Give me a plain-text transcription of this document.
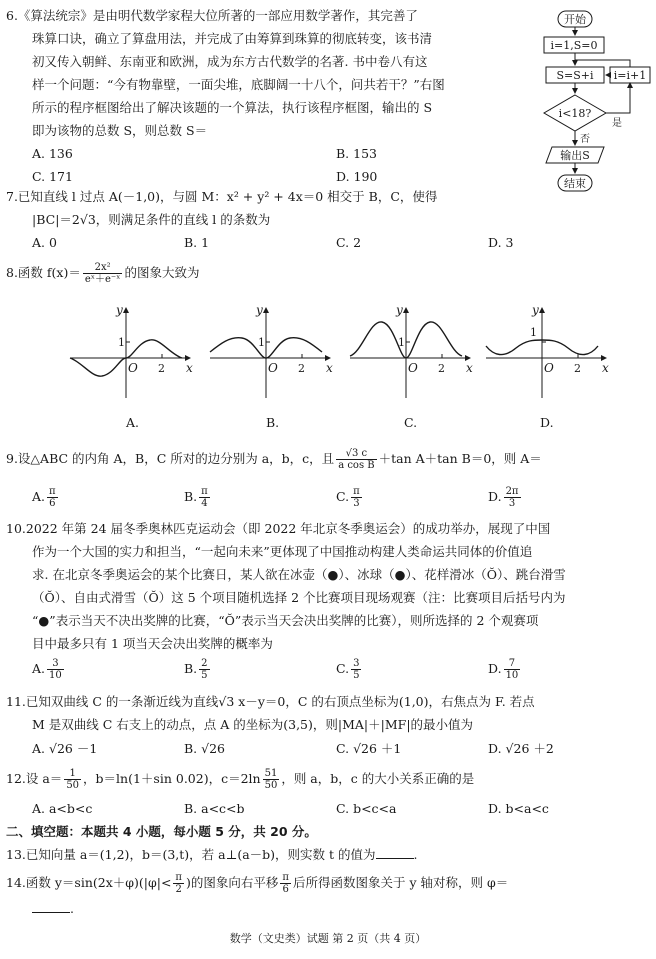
6.《算法统宗》是由明代数学家程大位所著的一部应用数学著作，其完善了
珠算口诀，确立了算盘用法，并完成了由筹算到珠算的彻底转变，该书清
初又传入朝鲜、东南亚和欧洲，成为东方古代数学的名著. 书中卷八有这
样一个问题：“今有物靠壁，一面尖堆，底脚阔一十八个，问共若干？”右图
所示的程序框图给出了解决该题的一个算法，执行该程序框图，输出的 S
即为该物的总数 S，则总数 S＝
A. 136	B. 153
C. 171	D. 190
开始
i=1,S=0
S=S+i i=i+1
i<18?
是
否
输出S
结束
7.已知直线 l 过点 A(－1,0)，与圆 M：x² + y² + 4x＝0 相交于 B，C，使得
|BC|＝2√3，则满足条件的直线 l 的条数为
A. 0	B. 1	C. 2	D. 3
8.函数 $f(x)= \frac{\text{2x²}}{\text{eˣ＋e⁻ˣ}}$ 的图象大致为
y
x
O
1
2
y
x
O
1
2
y
x
O
1
2
y
x
O
1
2
A.	B.	C.	D.
9.设△ABC 的内角 A，B，C 所对的边分别为 a，b，c，且 $\frac{√3 c}{\text{a cos B}} +\tan$ A＋tan B＝0，则 A＝
A. $\frac{\pi}{6}$	B. $\frac{\pi}{4}$	C. $\frac{\pi}{3}$	D. $\frac{2\pi}{3}$
10.2022 年第 24 届冬季奥林匹克运动会（即 2022 年北京冬季奥运会）的成功举办，展现了中国
作为一个大国的实力和担当，“一起向未来”更体现了中国推动构建人类命运共同体的价值追
求. 在北京冬季奥运会的某个比赛日，某人欲在冰壶（●）、冰球（●）、花样滑冰（Ŏ）、跳台滑雪
（Ŏ）、自由式滑雪（Ŏ）这 5 个项目随机选择 2 个比赛项目现场观赛（注：比赛项目后括号内为
“●”表示当天不决出奖牌的比赛，“Ŏ”表示当天会决出奖牌的比赛），则所选择的 2 个观赛项
目中最多只有 1 项当天会决出奖牌的概率为
A. $\frac{3}{10}$	B. $\frac{2}{5}$	C. $\frac{3}{5}$	D. $\frac{7}{10}$
11.已知双曲线 C 的一条渐近线为直线√3 x－y＝0，C 的右顶点坐标为(1,0)，右焦点为 F. 若点
M 是双曲线 C 右支上的动点，点 A 的坐标为(3,5)，则|MA|＋|MF|的最小值为
A. √26 －1	B. √26	C. √26 ＋1	D. √26 ＋2
12.设 $a= \frac{1}{50}$ ，b＝ln(1＋sin 0.02)，$c=2\ln \frac{51}{50}$ ，则 a，b，c 的大小关系正确的是
A. a<b<c	B. a<c<b	C. b<c<a	D. b<a<c
二、填空题：本题共 4 小题，每小题 5 分，共 20 分。
13.已知向量 a＝(1,2)，b＝(3,t)，若 a⊥(a－b)，则实数 t 的值为	.
14.函数 $y=\sin(2x+\varphi)(|\varphi|< \frac{\pi}{2}$ )的图象向右平移 $\frac{\pi}{6}$ 后所得函数图象关于 y 轴对称，则 φ＝
.
数学（文史类）试题 第 2 页（共 4 页）
